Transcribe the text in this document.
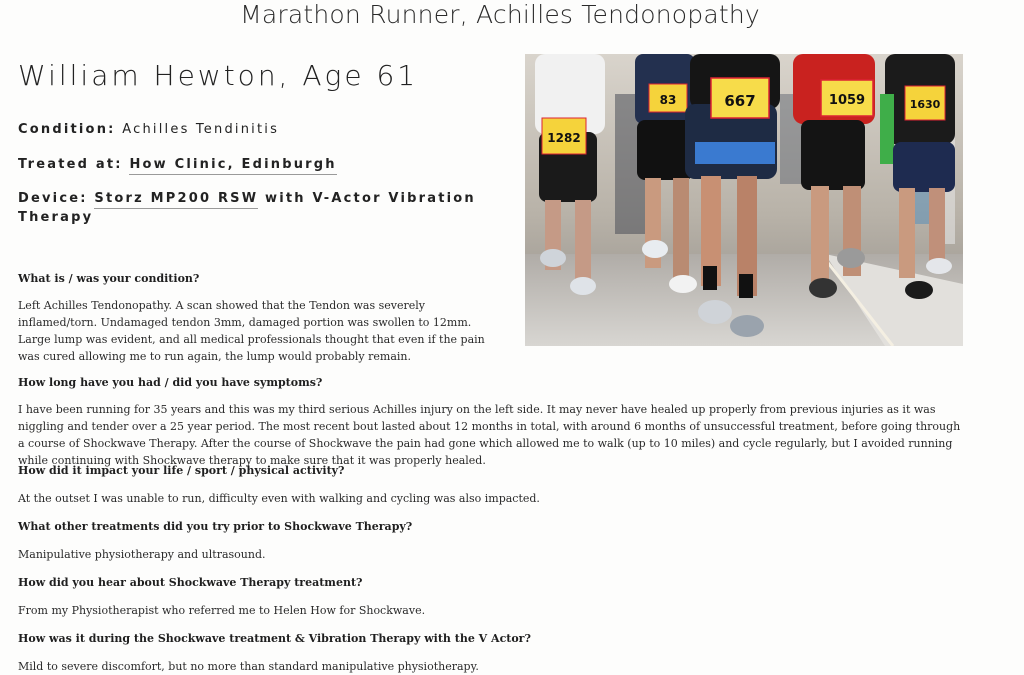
Marathon Runner, Achilles Tendonopathy
William Hewton, Age 61

Condition: Achilles Tendinitis

Treated at: How Clinic, Edinburgh

Device: Storz MP200 RSW with V-Actor Vibration
Therapy

1282
83	667	1059	1630

What is / was your condition?

Left Achilles Tendonopathy. A scan showed that the Tendon was severely inflamed/torn. Undamaged tendon 3mm, damaged portion was swollen to 12mm. Large lump was evident, and all medical professionals thought that even if the pain was cured allowing me to run again, the lump would probably remain.

How long have you had / did you have symptoms?

I have been running for 35 years and this was my third serious Achilles injury on the left side. It may never have healed up properly from previous injuries as it was niggling and tender over a 25 year period. The most recent bout lasted about 12 months in total, with around 6 months of unsuccessful treatment, before going through a course of Shockwave Therapy. After the course of Shockwave the pain had gone which allowed me to walk (up to 10 miles) and cycle regularly, but I avoided running while continuing with Shockwave therapy to make sure that it was properly healed.

How did it impact your life / sport / physical activity?

At the outset I was unable to run, difficulty even with walking and cycling was also impacted.

What other treatments did you try prior to Shockwave Therapy?

Manipulative physiotherapy and ultrasound.

How did you hear about Shockwave Therapy treatment?

From my Physiotherapist who referred me to Helen How for Shockwave.

How was it during the Shockwave treatment & Vibration Therapy with the V Actor?

Mild to severe discomfort, but no more than standard manipulative physiotherapy.
